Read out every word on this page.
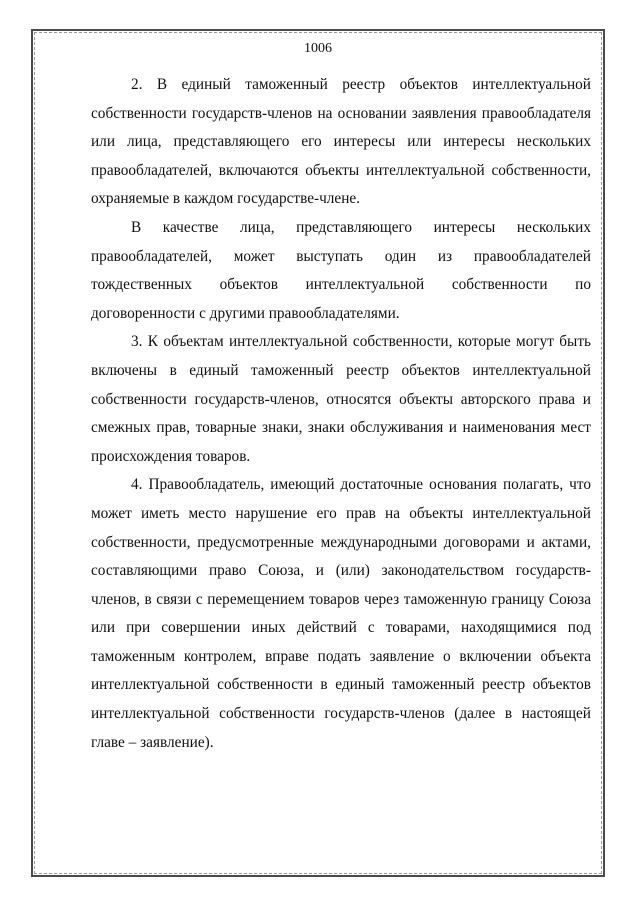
1006

2. В единый таможенный реестр объектов интеллектуальной собственности государств-членов на основании заявления правообладателя или лица, представляющего его интересы или интересы нескольких правообладателей, включаются объекты интеллектуальной собственности, охраняемые в каждом государстве-члене.

В качестве лица, представляющего интересы нескольких правообладателей, может выступать один из правообладателей тождественных объектов интеллектуальной собственности по договоренности с другими правообладателями.

3. К объектам интеллектуальной собственности, которые могут быть включены в единый таможенный реестр объектов интеллектуальной собственности государств-членов, относятся объекты авторского права и смежных прав, товарные знаки, знаки обслуживания и наименования мест происхождения товаров.

4. Правообладатель, имеющий достаточные основания полагать, что может иметь место нарушение его прав на объекты интеллектуальной собственности, предусмотренные международными договорами и актами, составляющими право Союза, и (или) законодательством государств-членов, в связи с перемещением товаров через таможенную границу Союза или при совершении иных действий с товарами, находящимися под таможенным контролем, вправе подать заявление о включении объекта интеллектуальной собственности в единый таможенный реестр объектов интеллектуальной собственности государств-членов (далее в настоящей главе – заявление).
